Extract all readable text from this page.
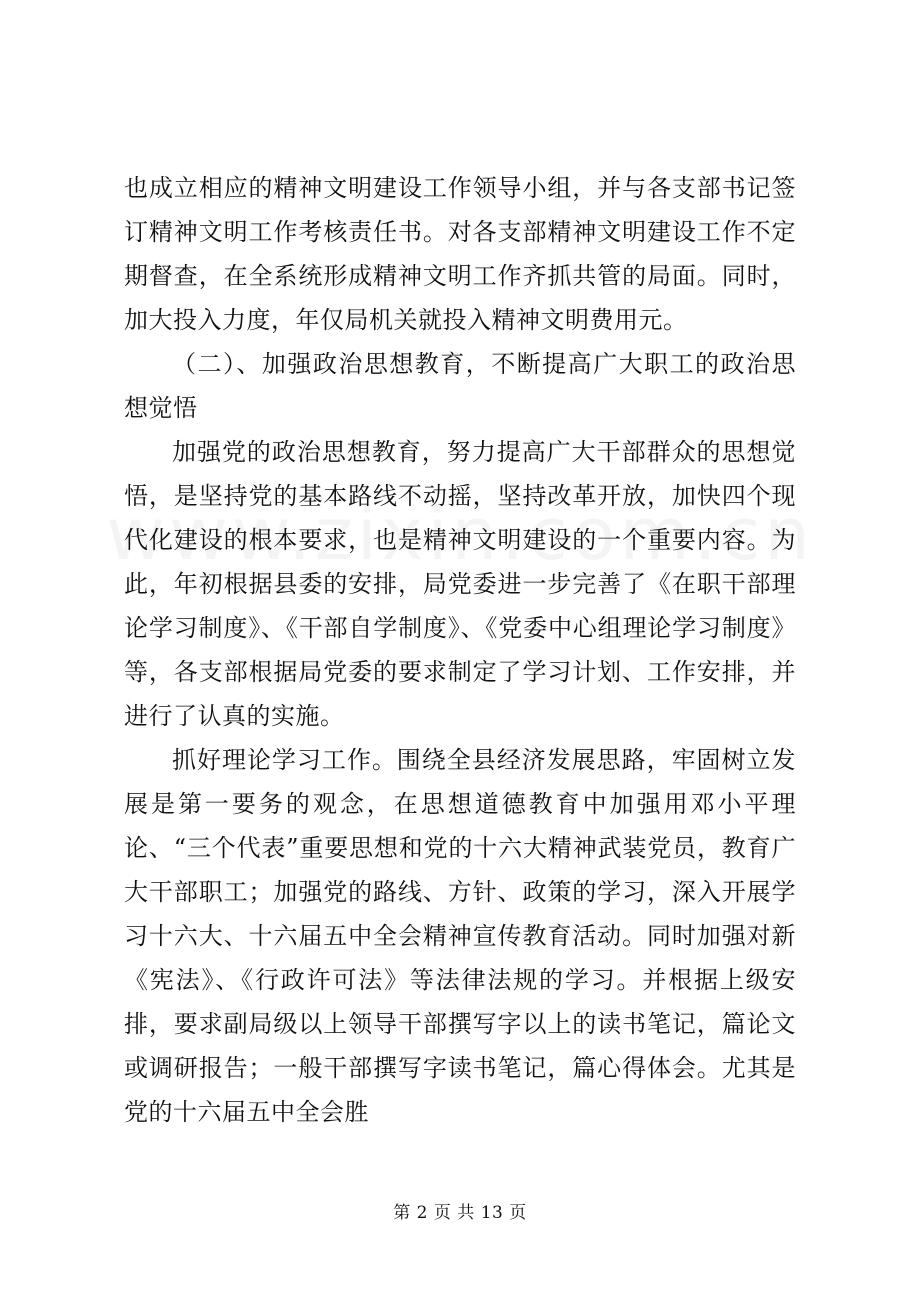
也成立相应的精神文明建设工作领导小组，并与各支部书记签订精神文明工作考核责任书。对各支部精神文明建设工作不定期督查，在全系统形成精神文明工作齐抓共管的局面。同时，加大投入力度，年仅局机关就投入精神文明费用元。

（二）、加强政治思想教育，不断提高广大职工的政治思想觉悟

加强党的政治思想教育，努力提高广大干部群众的思想觉悟，是坚持党的基本路线不动摇，坚持改革开放，加快四个现代化建设的根本要求，也是精神文明建设的一个重要内容。为此，年初根据县委的安排，局党委进一步完善了《在职干部理论学习制度》、《干部自学制度》、《党委中心组理论学习制度》等，各支部根据局党委的要求制定了学习计划、工作安排，并进行了认真的实施。

抓好理论学习工作。围绕全县经济发展思路，牢固树立发展是第一要务的观念，在思想道德教育中加强用邓小平理论、“三个代表”重要思想和党的十六大精神武装党员，教育广大干部职工；加强党的路线、方针、政策的学习，深入开展学习十六大、十六届五中全会精神宣传教育活动。同时加强对新《宪法》、《行政许可法》等法律法规的学习。并根据上级安排，要求副局级以上领导干部撰写字以上的读书笔记，篇论文或调研报告；一般干部撰写字读书笔记，篇心得体会。尤其是党的十六届五中全会胜

第 2 页 共 13 页
